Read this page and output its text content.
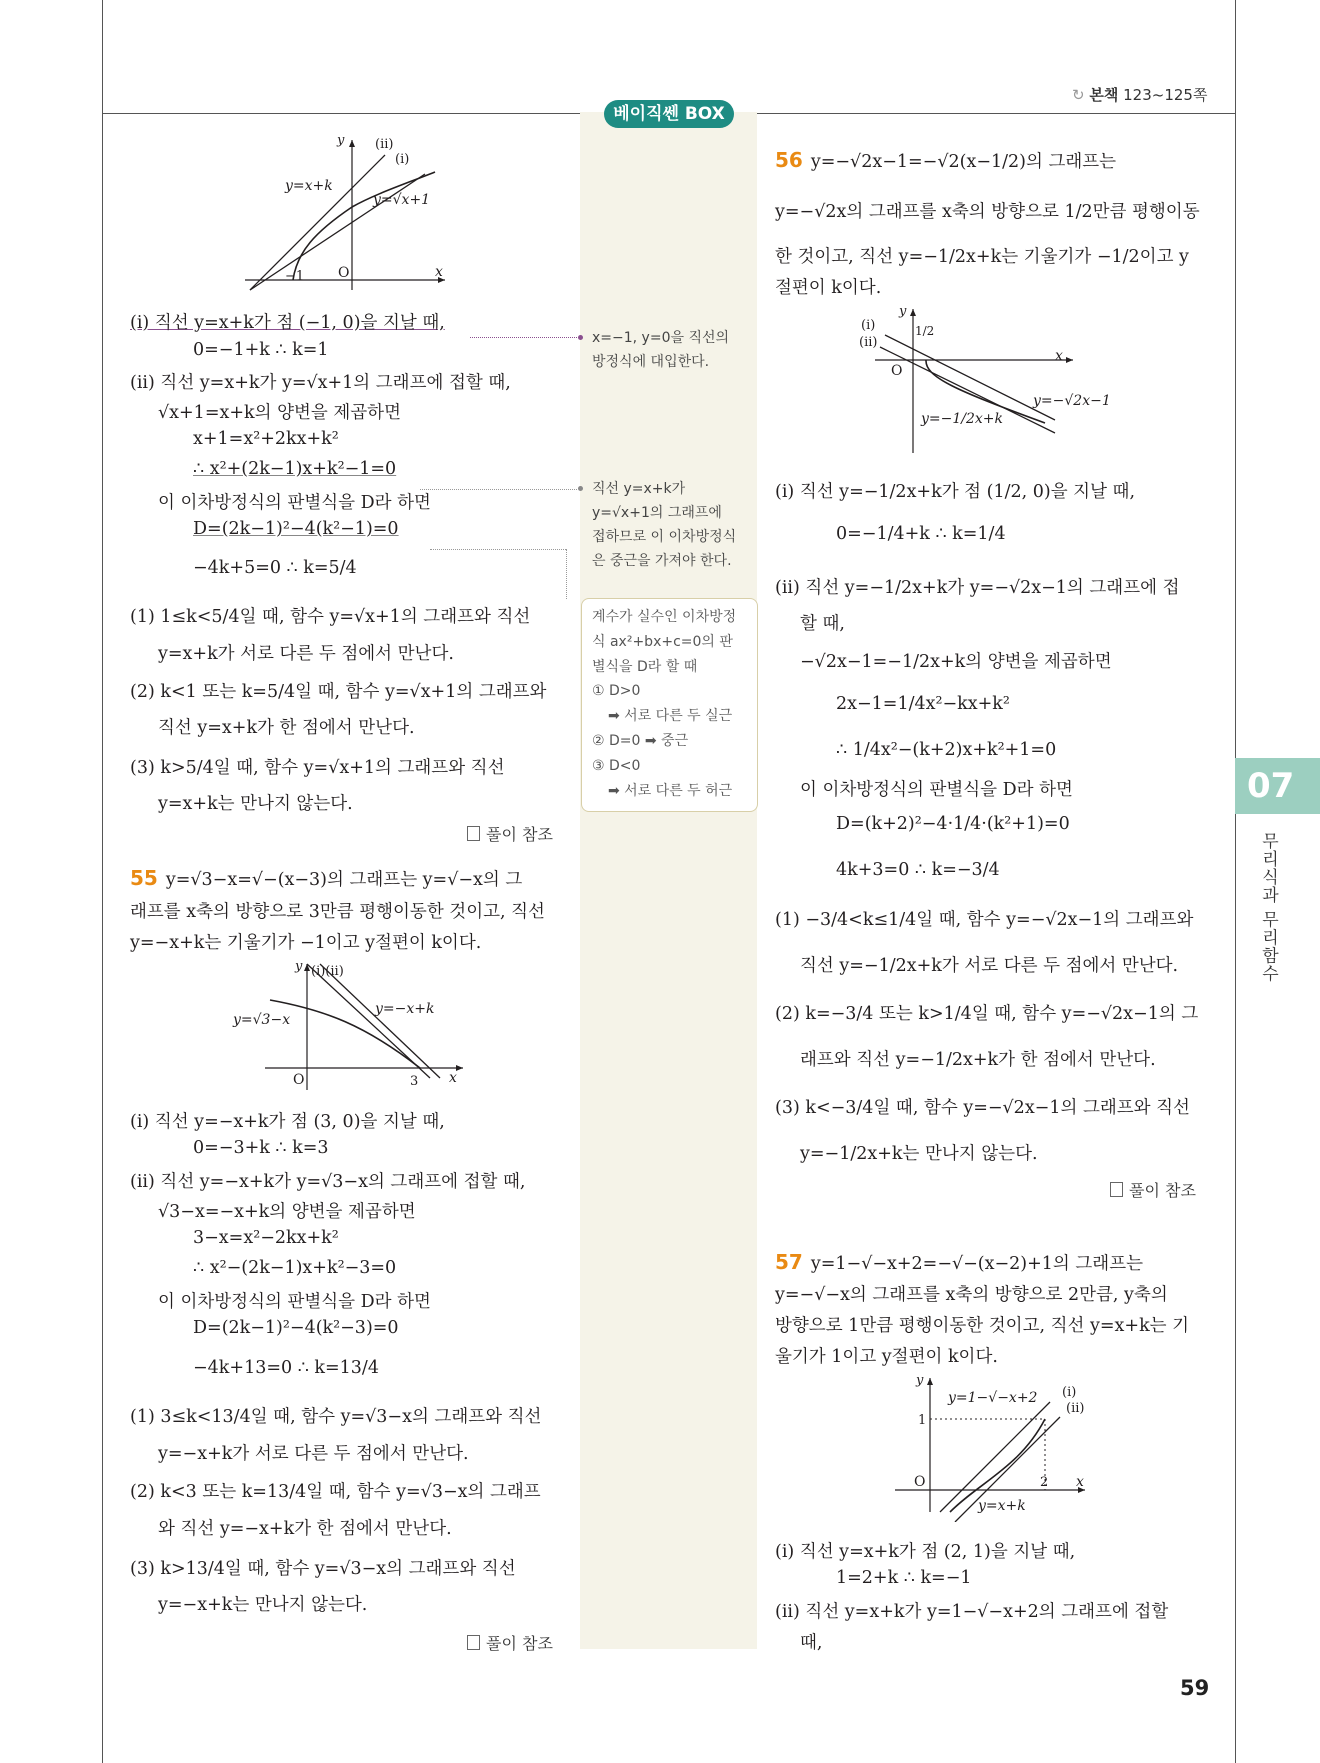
↻ 본책 123~125쪽
베이직쎈 BOX
y
x
O
−1
(ii)
(i)
y=x+k
y=√x+1
(i) 직선 y=x+k가 점 (−1, 0)을 지날 때,
0=−1+k ∴ k=1
(ii) 직선 y=x+k가 y=√x+1의 그래프에 접할 때,
√x+1=x+k의 양변을 제곱하면
x+1=x²+2kx+k²
∴ x²+(2k−1)x+k²−1=0
이 이차방정식의 판별식을 D라 하면
D=(2k−1)²−4(k²−1)=0
−4k+5=0 ∴ k=5/4
(1) 1≤k<5/4일 때, 함수 y=√x+1의 그래프와 직선
y=x+k가 서로 다른 두 점에서 만난다.
(2) k<1 또는 k=5/4일 때, 함수 y=√x+1의 그래프와
직선 y=x+k가 한 점에서 만난다.
(3) k>5/4일 때, 함수 y=√x+1의 그래프와 직선
y=x+k는 만나지 않는다.
풀이 참조
55 y=√3−x=√−(x−3)의 그래프는 y=√−x의 그
래프를 x축의 방향으로 3만큼 평행이동한 것이고, 직선
y=−x+k는 기울기가 −1이고 y절편이 k이다.
y
x
O	3
(i)(ii)
y=−x+k
y=√3−x
(i) 직선 y=−x+k가 점 (3, 0)을 지날 때,
0=−3+k ∴ k=3
(ii) 직선 y=−x+k가 y=√3−x의 그래프에 접할 때,
√3−x=−x+k의 양변을 제곱하면
3−x=x²−2kx+k²
∴ x²−(2k−1)x+k²−3=0
이 이차방정식의 판별식을 D라 하면
D=(2k−1)²−4(k²−3)=0
−4k+13=0 ∴ k=13/4
(1) 3≤k<13/4일 때, 함수 y=√3−x의 그래프와 직선
y=−x+k가 서로 다른 두 점에서 만난다.
(2) k<3 또는 k=13/4일 때, 함수 y=√3−x의 그래프
와 직선 y=−x+k가 한 점에서 만난다.
(3) k>13/4일 때, 함수 y=√3−x의 그래프와 직선
y=−x+k는 만나지 않는다.
풀이 참조
x=−1, y=0을 직선의
방정식에 대입한다.
직선 y=x+k가
y=√x+1의 그래프에
접하므로 이 이차방정식
은 중근을 가져야 한다.
계수가 실수인 이차방정
식 ax²+bx+c=0의 판
별식을 D라 할 때
① D>0
➡ 서로 다른 두 실근
② D=0 ➡ 중근
③ D<0
➡ 서로 다른 두 허근
56 y=−√2x−1=−√2(x−1/2)의 그래프는
y=−√2x의 그래프를 x축의 방향으로 1/2만큼 평행이동
한 것이고, 직선 y=−1/2x+k는 기울기가 −1/2이고 y
절편이 k이다.
y
x
O
1/2
(i)
(ii)
y=−√2x−1
y=−1/2x+k
(i) 직선 y=−1/2x+k가 점 (1/2, 0)을 지날 때,
0=−1/4+k ∴ k=1/4
(ii) 직선 y=−1/2x+k가 y=−√2x−1의 그래프에 접
할 때,
−√2x−1=−1/2x+k의 양변을 제곱하면
2x−1=1/4x²−kx+k²
∴ 1/4x²−(k+2)x+k²+1=0
이 이차방정식의 판별식을 D라 하면
D=(k+2)²−4·1/4·(k²+1)=0
4k+3=0 ∴ k=−3/4
(1) −3/4<k≤1/4일 때, 함수 y=−√2x−1의 그래프와
직선 y=−1/2x+k가 서로 다른 두 점에서 만난다.
(2) k=−3/4 또는 k>1/4일 때, 함수 y=−√2x−1의 그
래프와 직선 y=−1/2x+k가 한 점에서 만난다.
(3) k<−3/4일 때, 함수 y=−√2x−1의 그래프와 직선
y=−1/2x+k는 만나지 않는다.
풀이 참조
57 y=1−√−x+2=−√−(x−2)+1의 그래프는
y=−√−x의 그래프를 x축의 방향으로 2만큼, y축의
방향으로 1만큼 평행이동한 것이고, 직선 y=x+k는 기
울기가 1이고 y절편이 k이다.
y
x
O
1
2
y=1−√−x+2 (i)
(ii)
y=x+k
(i) 직선 y=x+k가 점 (2, 1)을 지날 때,
1=2+k ∴ k=−1
(ii) 직선 y=x+k가 y=1−√−x+2의 그래프에 접할
때,
07
무리식과 무리함수
59
